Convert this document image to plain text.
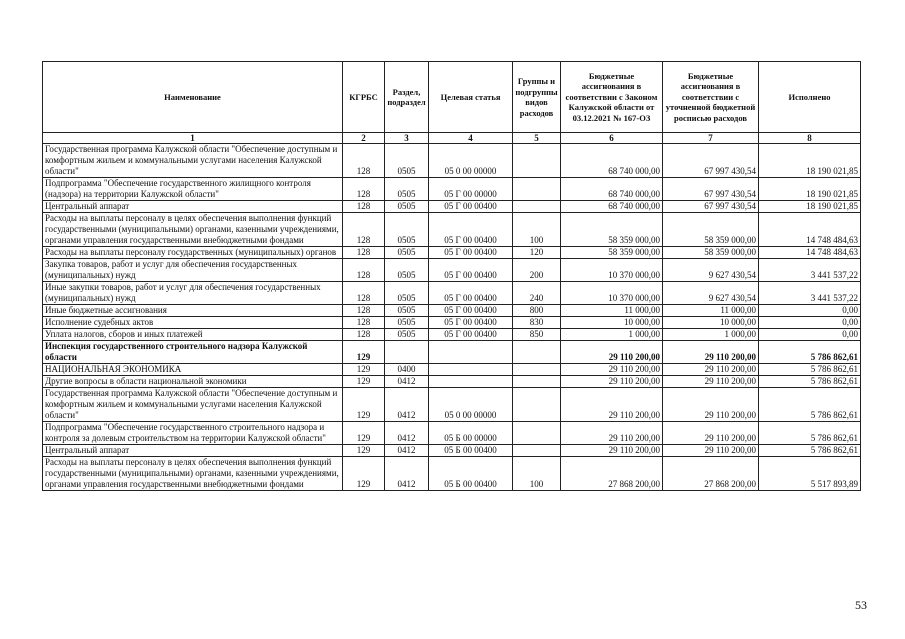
Наименование	КГРБС	Раздел, подраздел	Целевая статья	Группы и подгруппы видов расходов	Бюджетные ассигнования в соответствии с Законом Калужской области от 03.12.2021 № 167-ОЗ	Бюджетные ассигнования в соответствии с уточненной бюджетной росписью расходов	Исполнено
1	2	3	4	5	6	7	8
Государственная программа Калужской области "Обеспечение доступным и комфортным жильем и коммунальными услугами населения Калужской области"	128	0505	05 0 00 00000		68 740 000,00	67 997 430,54	18 190 021,85
Подпрограмма "Обеспечение государственного жилищного контроля (надзора) на территории Калужской области"	128	0505	05 Г 00 00000		68 740 000,00	67 997 430,54	18 190 021,85
Центральный аппарат	128	0505	05 Г 00 00400		68 740 000,00	67 997 430,54	18 190 021,85
Расходы на выплаты персоналу в целях обеспечения выполнения функций государственными (муниципальными) органами, казенными учреждениями, органами управления государственными внебюджетными фондами	128	0505	05 Г 00 00400	100	58 359 000,00	58 359 000,00	14 748 484,63
Расходы на выплаты персоналу государственных (муниципальных) органов	128	0505	05 Г 00 00400	120	58 359 000,00	58 359 000,00	14 748 484,63
Закупка товаров, работ и услуг для обеспечения государственных (муниципальных) нужд	128	0505	05 Г 00 00400	200	10 370 000,00	9 627 430,54	3 441 537,22
Иные закупки товаров, работ и услуг для обеспечения государственных (муниципальных) нужд	128	0505	05 Г 00 00400	240	10 370 000,00	9 627 430,54	3 441 537,22
Иные бюджетные ассигнования	128	0505	05 Г 00 00400	800	11 000,00	11 000,00	0,00
Исполнение судебных актов	128	0505	05 Г 00 00400	830	10 000,00	10 000,00	0,00
Уплата налогов, сборов и иных платежей	128	0505	05 Г 00 00400	850	1 000,00	1 000,00	0,00
Инспекция государственного строительного надзора Калужской области	129				29 110 200,00	29 110 200,00	5 786 862,61
НАЦИОНАЛЬНАЯ ЭКОНОМИКА	129	0400			29 110 200,00	29 110 200,00	5 786 862,61
Другие вопросы в области национальной экономики	129	0412			29 110 200,00	29 110 200,00	5 786 862,61
Государственная программа Калужской области "Обеспечение доступным и комфортным жильем и коммунальными услугами населения Калужской области"	129	0412	05 0 00 00000		29 110 200,00	29 110 200,00	5 786 862,61
Подпрограмма "Обеспечение государственного строительного надзора и контроля за долевым строительством на территории Калужской области"	129	0412	05 Б 00 00000		29 110 200,00	29 110 200,00	5 786 862,61
Центральный аппарат	129	0412	05 Б 00 00400		29 110 200,00	29 110 200,00	5 786 862,61
Расходы на выплаты персоналу в целях обеспечения выполнения функций государственными (муниципальными) органами, казенными учреждениями, органами управления государственными внебюджетными фондами	129	0412	05 Б 00 00400	100	27 868 200,00	27 868 200,00	5 517 893,89
53
